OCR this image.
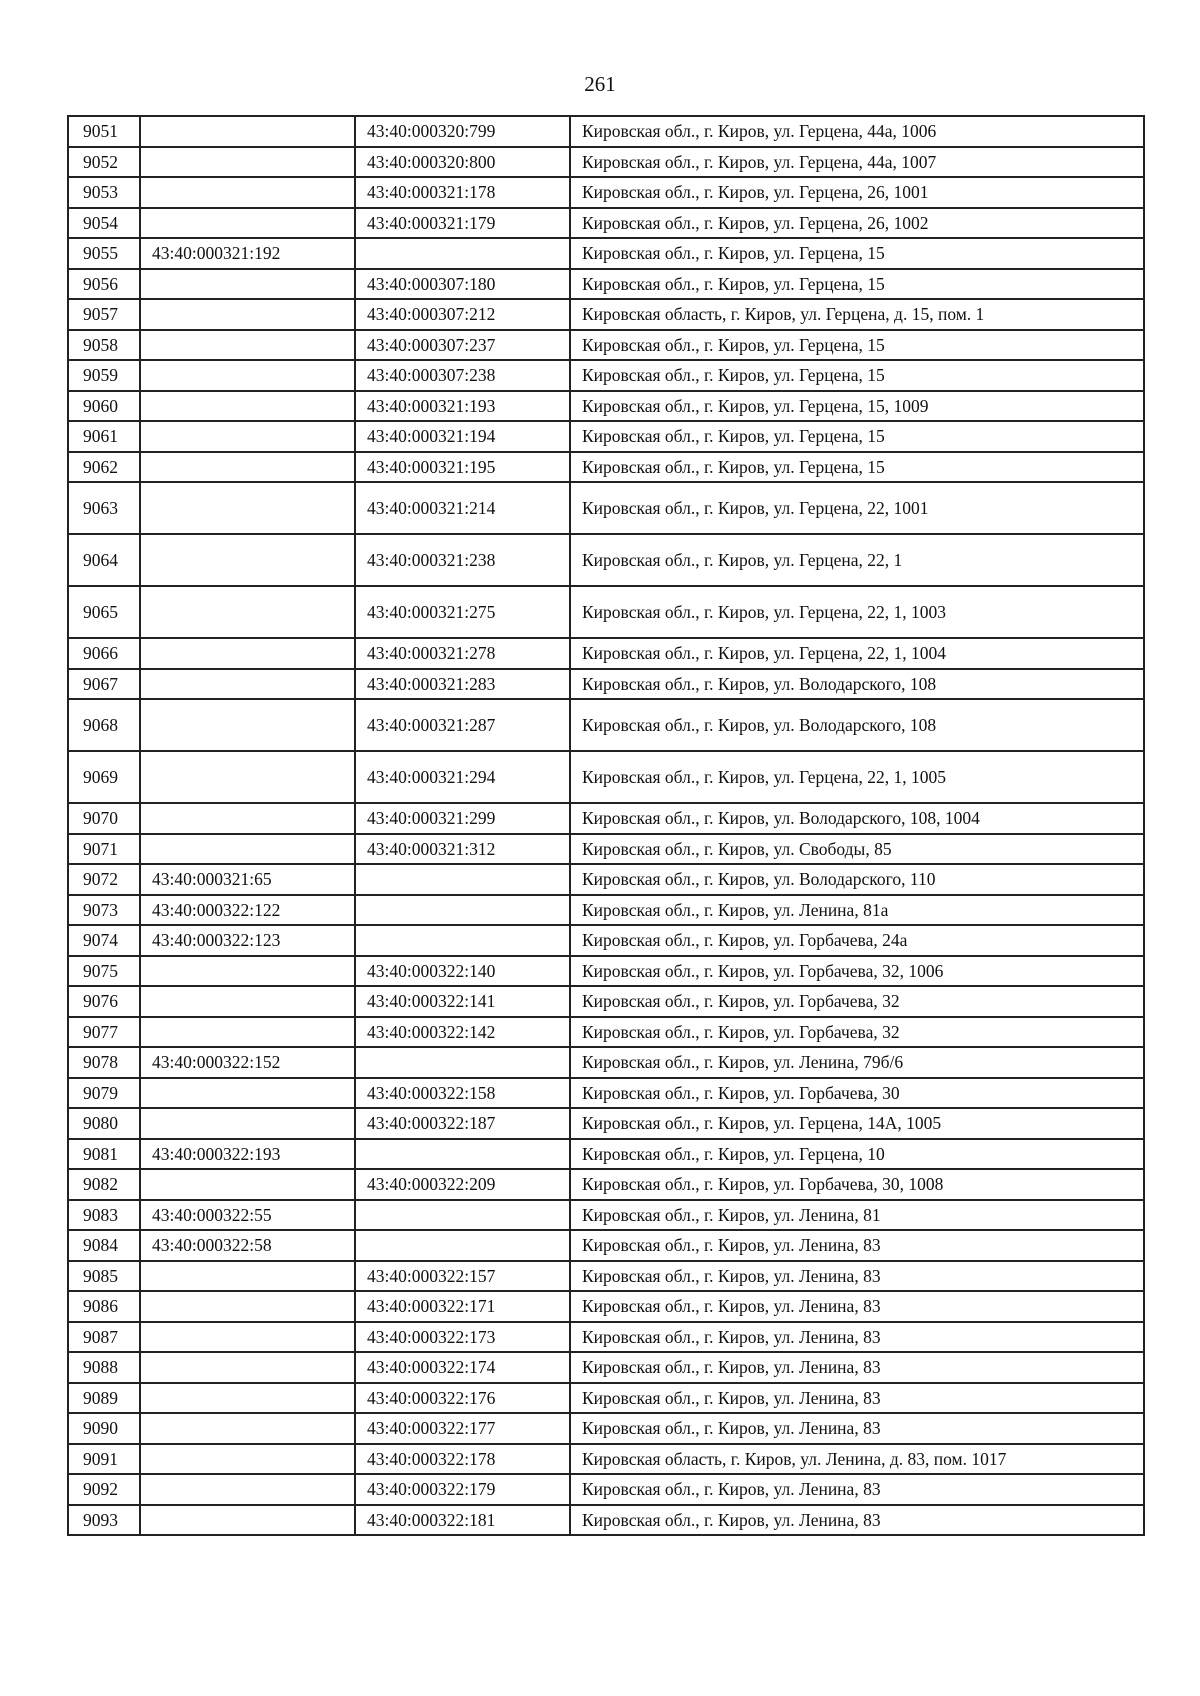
261
9051		43:40:000320:799	Кировская обл., г. Киров, ул. Герцена, 44а, 1006
9052		43:40:000320:800	Кировская обл., г. Киров, ул. Герцена, 44а, 1007
9053		43:40:000321:178	Кировская обл., г. Киров, ул. Герцена, 26, 1001
9054		43:40:000321:179	Кировская обл., г. Киров, ул. Герцена, 26, 1002
9055	43:40:000321:192		Кировская обл., г. Киров, ул. Герцена, 15
9056		43:40:000307:180	Кировская обл., г. Киров, ул. Герцена, 15
9057		43:40:000307:212	Кировская область, г. Киров, ул. Герцена, д. 15, пом. 1
9058		43:40:000307:237	Кировская обл., г. Киров, ул. Герцена, 15
9059		43:40:000307:238	Кировская обл., г. Киров, ул. Герцена, 15
9060		43:40:000321:193	Кировская обл., г. Киров, ул. Герцена, 15, 1009
9061		43:40:000321:194	Кировская обл., г. Киров, ул. Герцена, 15
9062		43:40:000321:195	Кировская обл., г. Киров, ул. Герцена, 15
9063		43:40:000321:214	Кировская обл., г. Киров, ул. Герцена, 22, 1001
9064		43:40:000321:238	Кировская обл., г. Киров, ул. Герцена, 22, 1
9065		43:40:000321:275	Кировская обл., г. Киров, ул. Герцена, 22, 1, 1003
9066		43:40:000321:278	Кировская обл., г. Киров, ул. Герцена, 22, 1, 1004
9067		43:40:000321:283	Кировская обл., г. Киров, ул. Володарского, 108
9068		43:40:000321:287	Кировская обл., г. Киров, ул. Володарского, 108
9069		43:40:000321:294	Кировская обл., г. Киров, ул. Герцена, 22, 1, 1005
9070		43:40:000321:299	Кировская обл., г. Киров, ул. Володарского, 108, 1004
9071		43:40:000321:312	Кировская обл., г. Киров, ул. Свободы, 85
9072	43:40:000321:65		Кировская обл., г. Киров, ул. Володарского, 110
9073	43:40:000322:122		Кировская обл., г. Киров, ул. Ленина, 81а
9074	43:40:000322:123		Кировская обл., г. Киров, ул. Горбачева, 24а
9075		43:40:000322:140	Кировская обл., г. Киров, ул. Горбачева, 32, 1006
9076		43:40:000322:141	Кировская обл., г. Киров, ул. Горбачева, 32
9077		43:40:000322:142	Кировская обл., г. Киров, ул. Горбачева, 32
9078	43:40:000322:152		Кировская обл., г. Киров, ул. Ленина, 79б/6
9079		43:40:000322:158	Кировская обл., г. Киров, ул. Горбачева, 30
9080		43:40:000322:187	Кировская обл., г. Киров, ул. Герцена, 14А, 1005
9081	43:40:000322:193		Кировская обл., г. Киров, ул. Герцена, 10
9082		43:40:000322:209	Кировская обл., г. Киров, ул. Горбачева, 30, 1008
9083	43:40:000322:55		Кировская обл., г. Киров, ул. Ленина, 81
9084	43:40:000322:58		Кировская обл., г. Киров, ул. Ленина, 83
9085		43:40:000322:157	Кировская обл., г. Киров, ул. Ленина, 83
9086		43:40:000322:171	Кировская обл., г. Киров, ул. Ленина, 83
9087		43:40:000322:173	Кировская обл., г. Киров, ул. Ленина, 83
9088		43:40:000322:174	Кировская обл., г. Киров, ул. Ленина, 83
9089		43:40:000322:176	Кировская обл., г. Киров, ул. Ленина, 83
9090		43:40:000322:177	Кировская обл., г. Киров, ул. Ленина, 83
9091		43:40:000322:178	Кировская область, г. Киров, ул. Ленина, д. 83, пом. 1017
9092		43:40:000322:179	Кировская обл., г. Киров, ул. Ленина, 83
9093		43:40:000322:181	Кировская обл., г. Киров, ул. Ленина, 83
